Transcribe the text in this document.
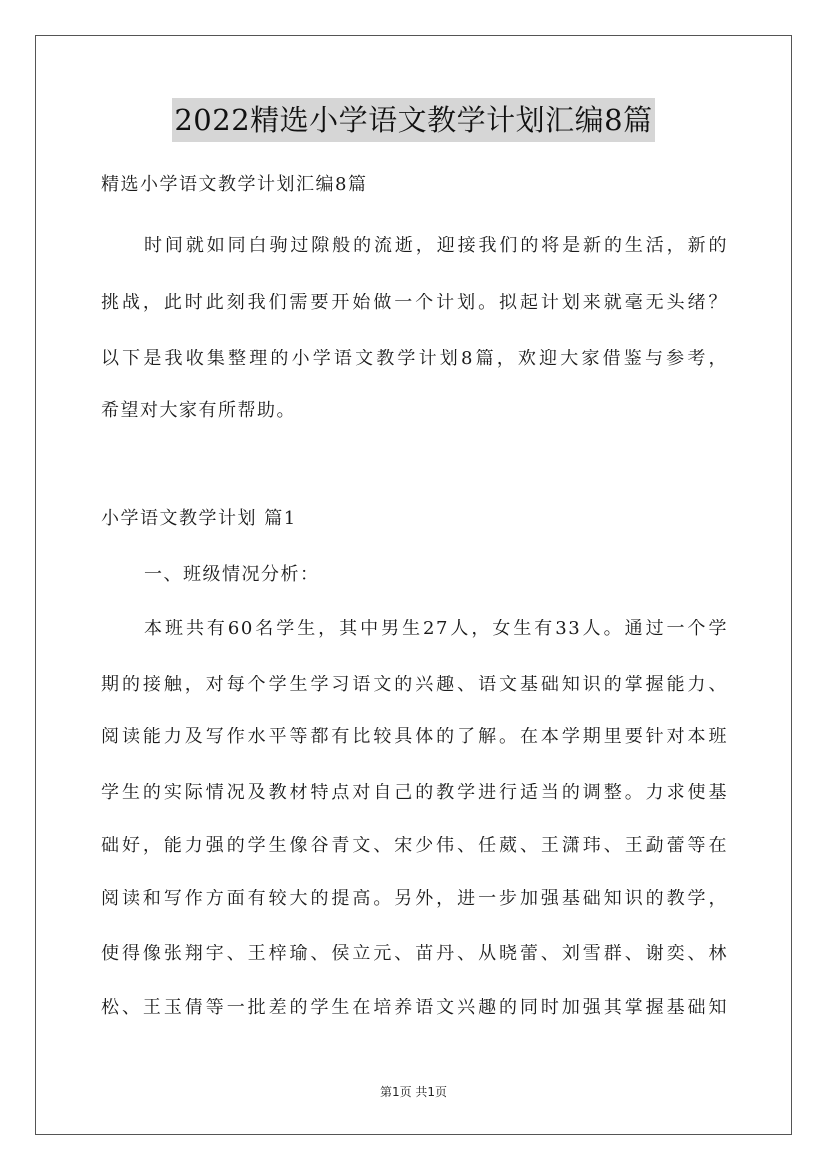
2022精选小学语文教学计划汇编8篇
精选小学语文教学计划汇编8篇
时间就如同白驹过隙般的流逝，迎接我们的将是新的生活，新的
挑战，此时此刻我们需要开始做一个计划。拟起计划来就毫无头绪？
以下是我收集整理的小学语文教学计划8篇，欢迎大家借鉴与参考，
希望对大家有所帮助。
小学语文教学计划 篇1
一、班级情况分析：
本班共有60名学生，其中男生27人，女生有33人。通过一个学
期的接触，对每个学生学习语文的兴趣、语文基础知识的掌握能力、
阅读能力及写作水平等都有比较具体的了解。在本学期里要针对本班
学生的实际情况及教材特点对自己的教学进行适当的调整。力求使基
础好，能力强的学生像谷青文、宋少伟、任葳、王潇玮、王勐蕾等在
阅读和写作方面有较大的提高。另外，进一步加强基础知识的教学，
使得像张翔宇、王梓瑜、侯立元、苗丹、从晓蕾、刘雪群、谢奕、林
松、王玉倩等一批差的学生在培养语文兴趣的同时加强其掌握基础知
第1页 共1页
